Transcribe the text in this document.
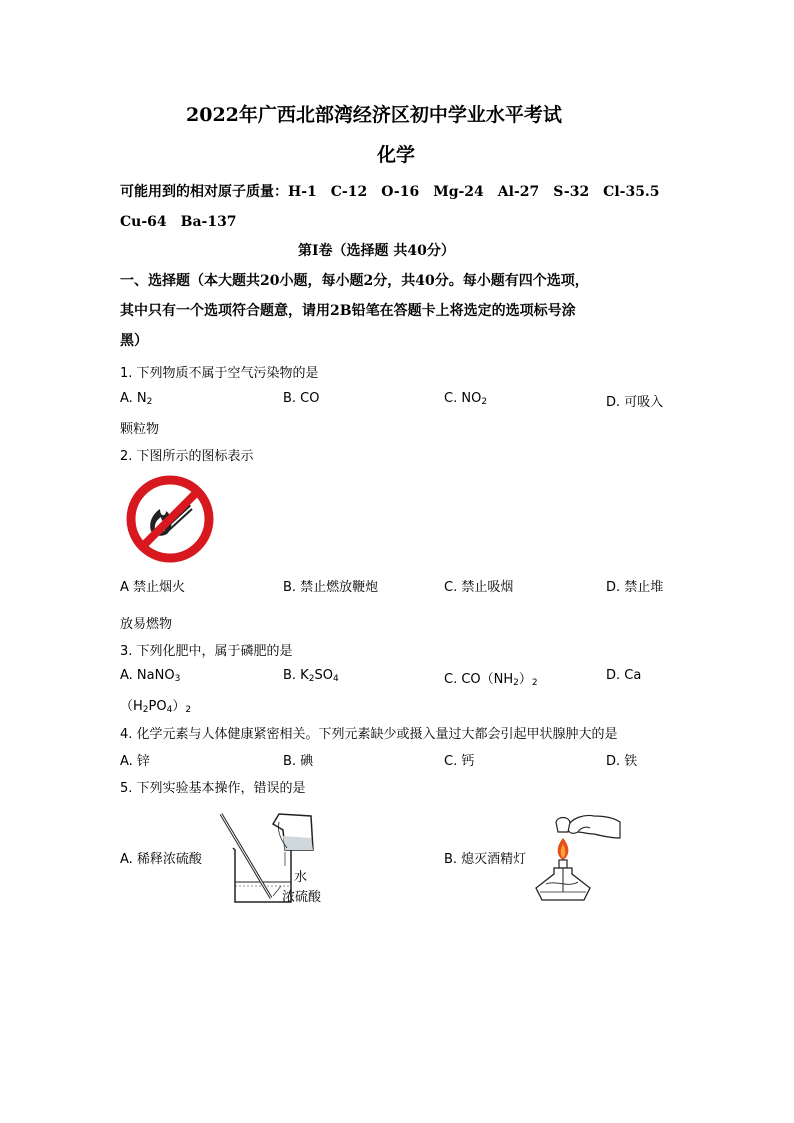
2022年广西北部湾经济区初中学业水平考试
化学
可能用到的相对原子质量：H-1　C-12　O-16　Mg-24　Al-27　S-32　Cl-35.5
Cu-64　Ba-137
第Ⅰ卷（选择题 共40分）
一、选择题（本大题共20小题，每小题2分，共40分。每小题有四个选项，
其中只有一个选项符合题意，请用2B铅笔在答题卡上将选定的选项标号涂
黑）
1. 下列物质不属于空气污染物的是
A. $N_2$	B. CO	C. $NO_2$	D. 可吸入
颗粒物
2. 下图所示的图标表示
A 禁止烟火	B. 禁止燃放鞭炮	C. 禁止吸烟	D. 禁止堆
放易燃物
3. 下列化肥中，属于磷肥的是
A. NaNO$_3$	B. $K_2SO_4$	C. $CO(NH_2)_2$	D. Ca
$(H_2PO_4)_2$
4. 化学元素与人体健康紧密相关。下列元素缺少或摄入量过大都会引起甲状腺肿大的是
A. 锌	B. 碘	C. 钙	D. 铁
5. 下列实验基本操作，错误的是
A. 稀释浓硫酸
水
浓硫酸
B. 熄灭酒精灯
